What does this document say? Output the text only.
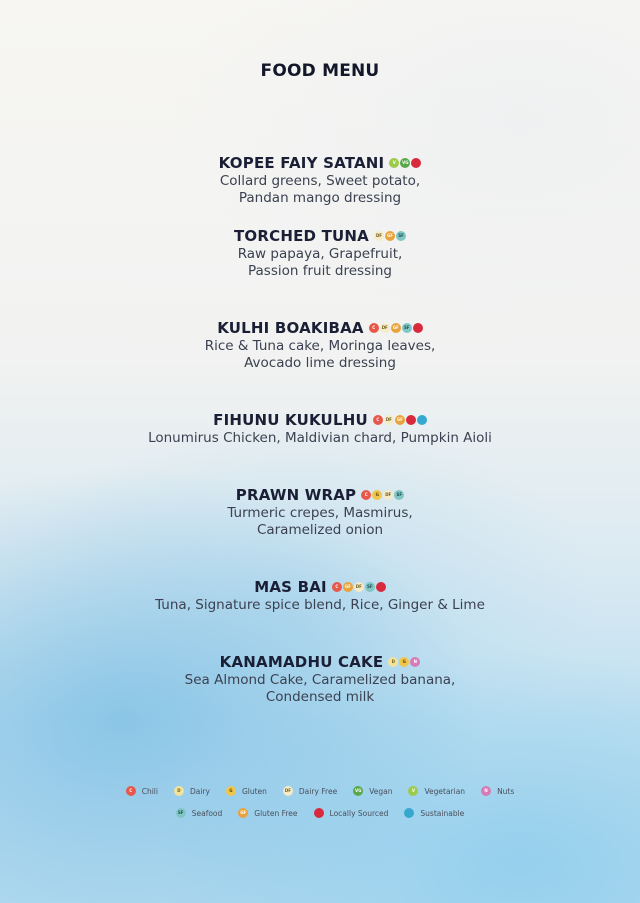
FOOD MENU
KOPEE FAIY SATANI	V	VG
Collard greens, Sweet potato,
Pandan mango dressing
TORCHED TUNA	DF	GF	SF
Raw papaya, Grapefruit,
Passion fruit dressing
KULHI BOAKIBAA	C	DF	GF	SF
Rice & Tuna cake, Moringa leaves,
Avocado lime dressing
FIHUNU KUKULHU	C	DF	GF
Lonumirus Chicken, Maldivian chard, Pumpkin Aioli
PRAWN WRAP	C	G	DF	SF
Turmeric crepes, Masmirus,
Caramelized onion
MAS BAI	C	GF	DF	SF
Tuna, Signature spice blend, Rice, Ginger & Lime
KANAMADHU CAKE	D	G	N
Sea Almond Cake, Caramelized banana,
Condensed milk
C	Chili	D	Dairy	G	Gluten	DF Dairy Free	VG Vegan	V	Vegetarian	N	Nuts
SF Seafood	GF Gluten Free	Locally Sourced	Sustainable
